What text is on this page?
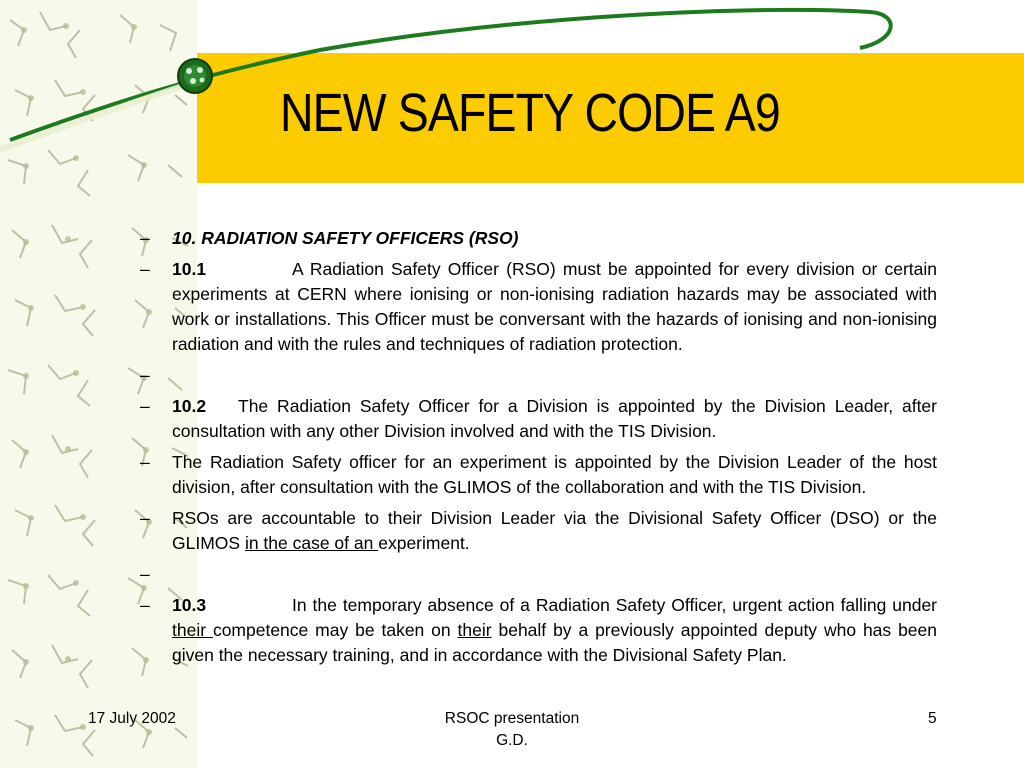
NEW SAFETY CODE A9
– 10. RADIATION SAFETY OFFICERS (RSO)
– 10.1	A Radiation Safety Officer (RSO) must be appointed for every division or certain experiments at CERN where ionising or non-ionising radiation hazards may be associated with work or installations. This Officer must be conversant with the hazards of ionising and non-ionising radiation and with the rules and techniques of radiation protection.
–

– 10.2 The Radiation Safety Officer for a Division is appointed by the Division Leader, after consultation with any other Division involved and with the TIS Division.
– The Radiation Safety officer for an experiment is appointed by the Division Leader of the host division, after consultation with the GLIMOS of the collaboration and with the TIS Division.
– RSOs are accountable to their Division Leader via the Divisional Safety Officer (DSO) or the GLIMOS in the case of an experiment.
–

– 10.3	In the temporary absence of a Radiation Safety Officer, urgent action falling under their competence may be taken on their behalf by a previously appointed deputy who has been given the necessary training, and in accordance with the Divisional Safety Plan.
17 July 2002	RSOC presentation
G.D.
5
